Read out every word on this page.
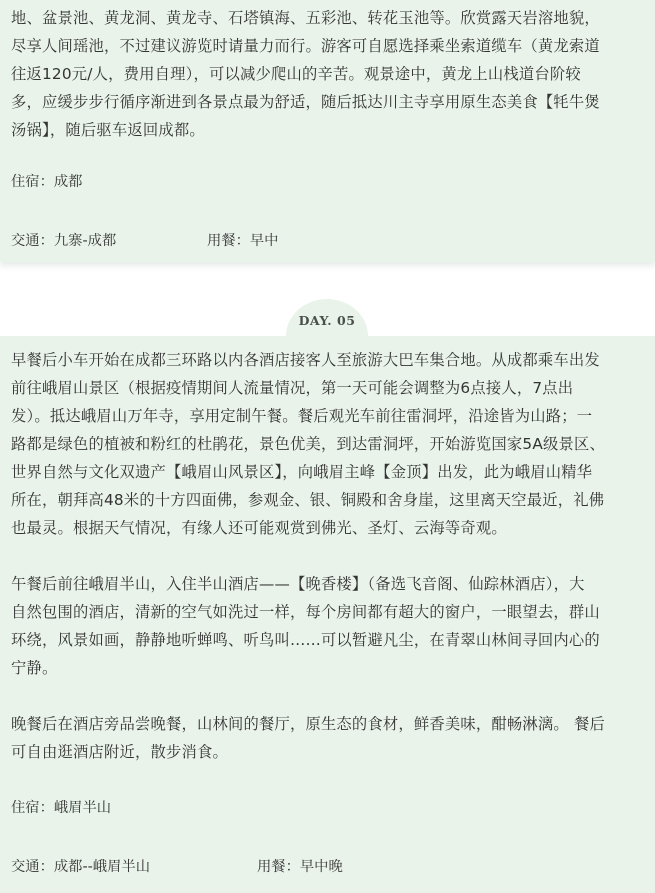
地、盆景池、黄龙洞、黄龙寺、石塔镇海、五彩池、转花玉池等。欣赏露天岩溶地貌，
尽享人间瑶池，不过建议游览时请量力而行。游客可自愿选择乘坐索道缆车（黄龙索道
往返120元/人，费用自理），可以减少爬山的辛苦。观景途中，黄龙上山栈道台阶较
多，应缓步步行循序渐进到各景点最为舒适，随后抵达川主寺享用原生态美食【牦牛煲
汤锅】，随后驱车返回成都。

住宿：成都

交通：九寨-成都	用餐：早中

DAY. 05

早餐后小车开始在成都三环路以内各酒店接客人至旅游大巴车集合地。从成都乘车出发
前往峨眉山景区（根据疫情期间人流量情况，第一天可能会调整为6点接人，7点出
发）。抵达峨眉山万年寺，享用定制午餐。餐后观光车前往雷洞坪，沿途皆为山路；一
路都是绿色的植被和粉红的杜鹃花，景色优美，到达雷洞坪，开始游览国家5A级景区、
世界自然与文化双遗产【峨眉山风景区】，向峨眉主峰【金顶】出发，此为峨眉山精华
所在，朝拜高48米的十方四面佛，参观金、银、铜殿和舍身崖，这里离天空最近，礼佛
也最灵。根据天气情况，有缘人还可能观赏到佛光、圣灯、云海等奇观。

午餐后前往峨眉半山，入住半山酒店——【晚香楼】（备选飞音阁、仙踪林酒店），大
自然包围的酒店，清新的空气如洗过一样，每个房间都有超大的窗户，一眼望去，群山
环绕，风景如画，静静地听蝉鸣、听鸟叫……可以暂避凡尘，在青翠山林间寻回内心的
宁静。

晚餐后在酒店旁品尝晚餐，山林间的餐厅，原生态的食材，鲜香美味，酣畅淋漓。 餐后
可自由逛酒店附近，散步消食。

住宿：峨眉半山

交通：成都--峨眉半山	用餐：早中晚
